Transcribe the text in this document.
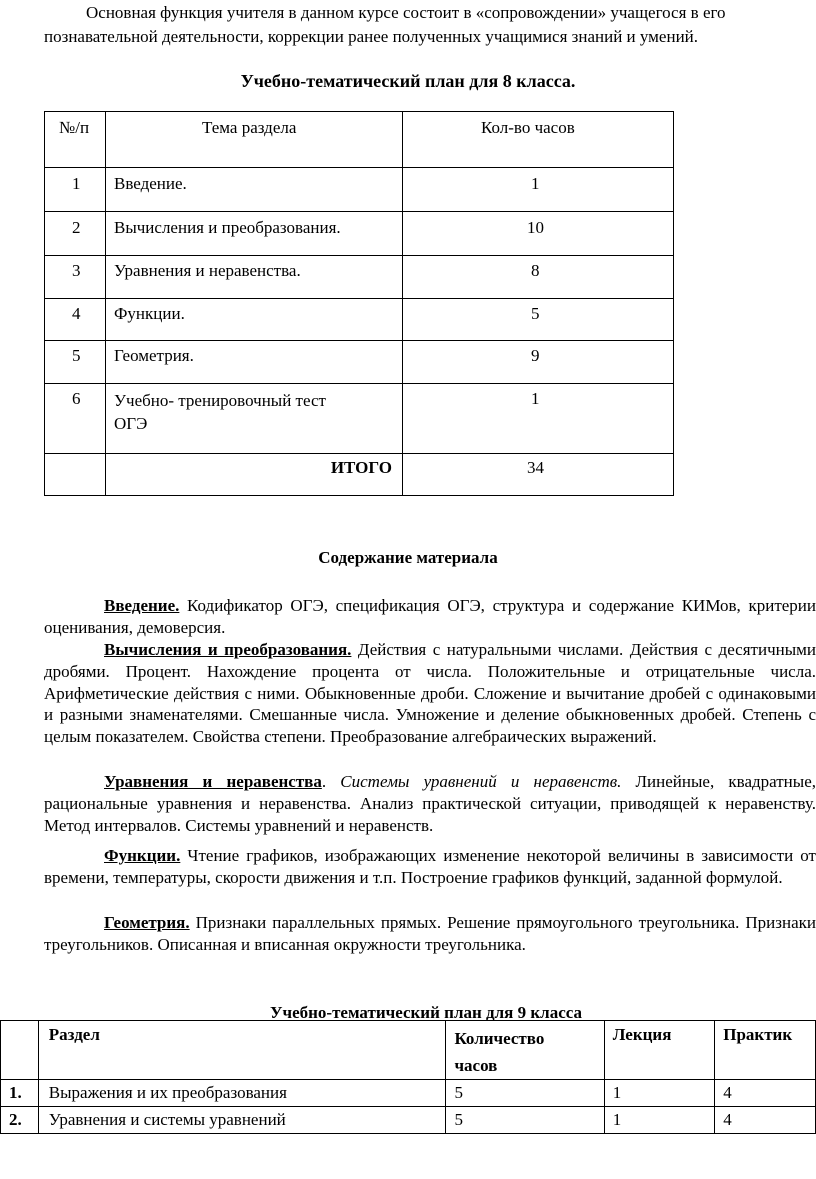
Основная функция учителя в данном курсе состоит в «сопровождении» учащегося в его
познавательной деятельности, коррекции ранее полученных учащимися знаний и умений.
Учебно-тематический план для 8 класса.
№/п	Тема раздела	Кол-во часов

1	Введение.	1

2	Вычисления и преобразования.	10

3	Уравнения и неравенства.	8

4	Функции.	5

5	Геометрия.	9

6	Учебно- тренировочный тест
ОГЭ	1

	ИТОГО	34
Содержание материала
Введение. Кодификатор ОГЭ, спецификация ОГЭ, структура и содержание КИМов, критерии оценивания, демоверсия.
Вычисления и преобразования. Действия с натуральными числами. Действия с десятичными дробями. Процент. Нахождение процента от числа. Положительные и отрицательные числа. Арифметические действия с ними. Обыкновенные дроби. Сложение и вычитание дробей с одинаковыми и разными знаменателями. Смешанные числа. Умножение и деление обыкновенных дробей. Степень с целым показателем. Свойства степени. Преобразование алгебраических выражений.
Уравнения и неравенства. Системы уравнений и неравенств. Линейные, квадратные, рациональные уравнения и неравенства. Анализ практической ситуации, приводящей к неравенству. Метод интервалов. Системы уравнений и неравенств.
Функции. Чтение графиков, изображающих изменение некоторой величины в зависимости от времени, температуры, скорости движения и т.п. Построение графиков функций, заданной формулой.
Геометрия. Признаки параллельных прямых. Решение прямоугольного треугольника. Признаки треугольников. Описанная и вписанная окружности треугольника.
Учебно-тематический план для 9 класса

	Раздел	Количество
часов	Лекция	Практик

1.	Выражения и их преобразования	5	1	4

2.	Уравнения и системы уравнений	5	1	4
